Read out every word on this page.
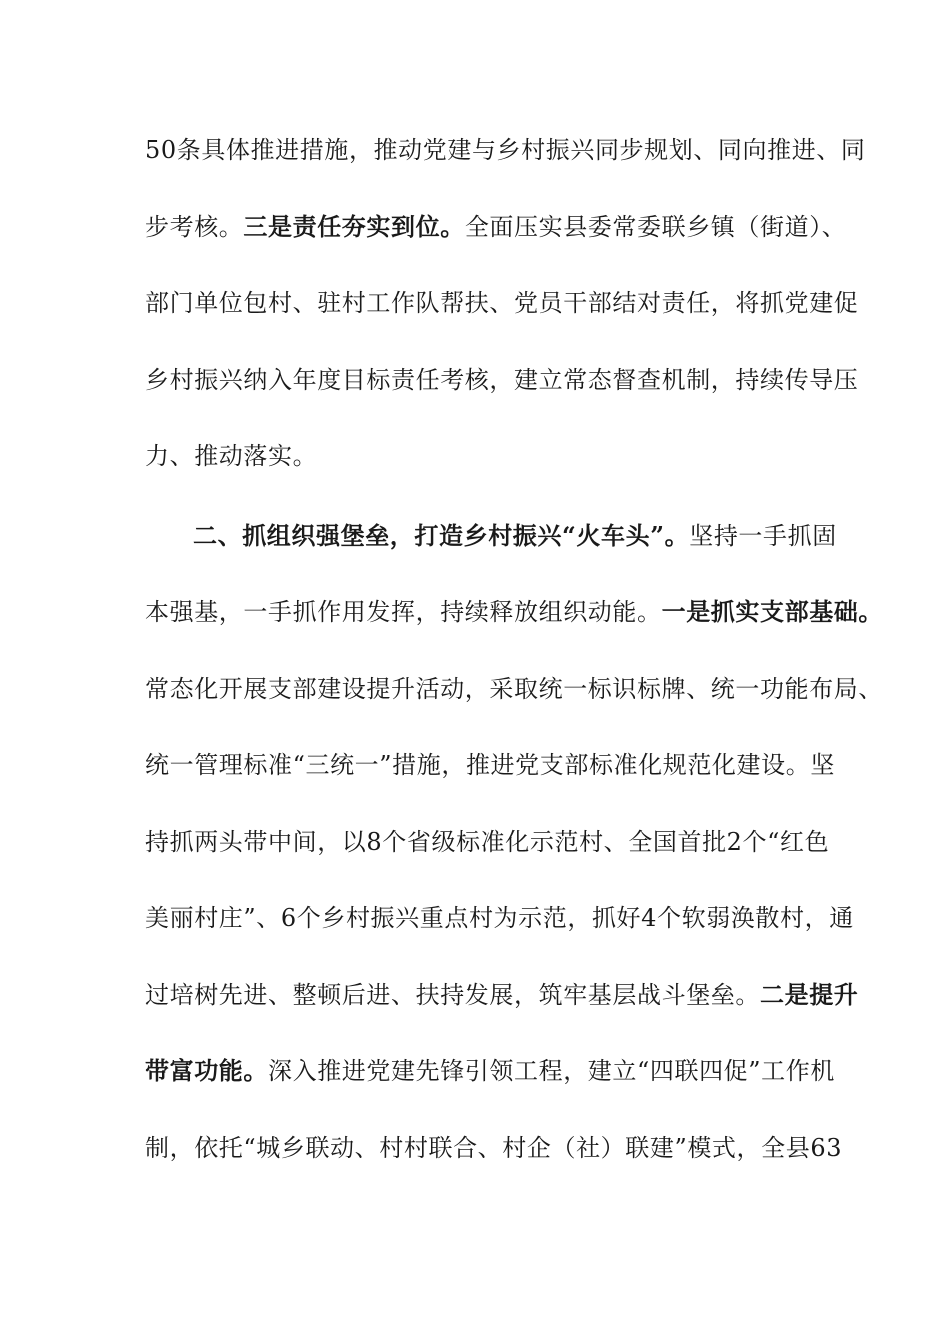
50条具体推进措施，推动党建与乡村振兴同步规划、同向推进、同
步考核。三是责任夯实到位。全面压实县委常委联乡镇（街道）、
部门单位包村、驻村工作队帮扶、党员干部结对责任，将抓党建促
乡村振兴纳入年度目标责任考核，建立常态督查机制，持续传导压
力、推动落实。
二、抓组织强堡垒，打造乡村振兴“火车头”。坚持一手抓固
本强基，一手抓作用发挥，持续释放组织动能。一是抓实支部基础。
常态化开展支部建设提升活动，采取统一标识标牌、统一功能布局、
统一管理标准“三统一”措施，推进党支部标准化规范化建设。坚
持抓两头带中间，以8个省级标准化示范村、全国首批2个“红色
美丽村庄”、6个乡村振兴重点村为示范，抓好4个软弱涣散村，通
过培树先进、整顿后进、扶持发展，筑牢基层战斗堡垒。二是提升
带富功能。深入推进党建先锋引领工程，建立“四联四促”工作机
制，依托“城乡联动、村村联合、村企（社）联建”模式，全县63
